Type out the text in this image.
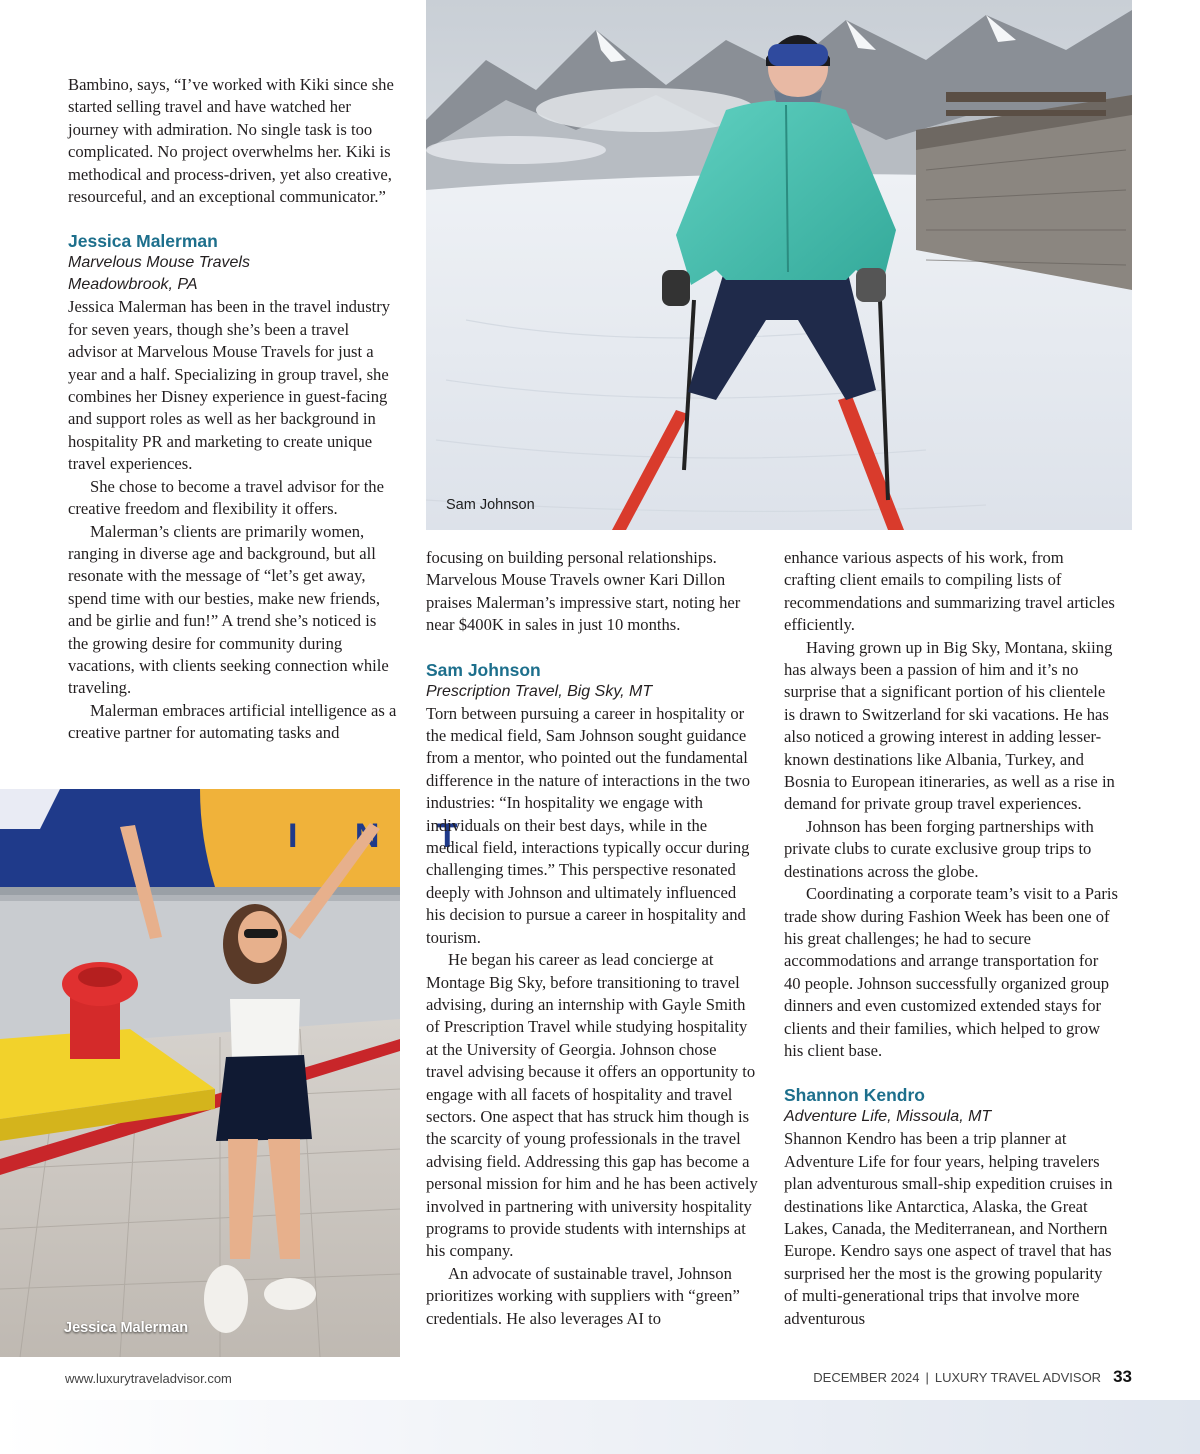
Sam Johnson
I N T
Jessica Malerman

Bambino, says, “I’ve worked with Kiki since she started selling travel and have watched her journey with admiration. No single task is too complicated. No project overwhelms her. Kiki is methodical and process-driven, yet also creative, resourceful, and an exceptional communicator.”

Jessica Malerman
Marvelous Mouse Travels
Meadowbrook, PA

Jessica Malerman has been in the travel industry for seven years, though she’s been a travel advisor at Marvelous Mouse Travels for just a year and a half. Specializing in group travel, she combines her Disney experience in guest-facing and support roles as well as her background in hospitality PR and marketing to create unique travel experiences.

She chose to become a travel advisor for the creative freedom and flexibility it offers.

Malerman’s clients are primarily women, ranging in diverse age and background, but all resonate with the message of “let’s get away, spend time with our besties, make new friends, and be girlie and fun!” A trend she’s noticed is the growing desire for community during vacations, with clients seeking connection while traveling.

Malerman embraces artificial intelligence as a creative partner for automating tasks and

focusing on building personal relationships. Marvelous Mouse Travels owner Kari Dillon praises Malerman’s impressive start, noting her near $400K in sales in just 10 months.

Sam Johnson
Prescription Travel, Big Sky, MT

Torn between pursuing a career in hospitality or the medical field, Sam Johnson sought guidance from a mentor, who pointed out the fundamental difference in the nature of interactions in the two industries: “In hospitality we engage with individuals on their best days, while in the medical field, interactions typically occur during challenging times.” This perspective resonated deeply with Johnson and ultimately influenced his decision to pursue a career in hospitality and tourism.

He began his career as lead concierge at Montage Big Sky, before transitioning to travel advising, during an internship with Gayle Smith of Prescription Travel while studying hospitality at the University of Georgia. Johnson chose travel advising because it offers an opportunity to engage with all facets of hospitality and travel sectors. One aspect that has struck him though is the scarcity of young professionals in the travel advising field. Addressing this gap has become a personal mission for him and he has been actively involved in partnering with university hospitality programs to provide students with internships at his company.

An advocate of sustainable travel, Johnson prioritizes working with suppliers with “green” credentials. He also leverages AI to

enhance various aspects of his work, from crafting client emails to compiling lists of recommendations and summarizing travel articles efficiently.

Having grown up in Big Sky, Montana, skiing has always been a passion of him and it’s no surprise that a significant portion of his clientele is drawn to Switzerland for ski vacations. He has also noticed a growing interest in adding lesser-known destinations like Albania, Turkey, and Bosnia to European itineraries, as well as a rise in demand for private group travel experiences.

Johnson has been forging partnerships with private clubs to curate exclusive group trips to destinations across the globe.

Coordinating a corporate team’s visit to a Paris trade show during Fashion Week has been one of his great challenges; he had to secure accommodations and arrange transportation for 40 people. Johnson successfully organized group dinners and even customized extended stays for clients and their families, which helped to grow his client base.

Shannon Kendro
Adventure Life, Missoula, MT

Shannon Kendro has been a trip planner at Adventure Life for four years, helping travelers plan adventurous small-ship expedition cruises in destinations like Antarctica, Alaska, the Great Lakes, Canada, the Mediterranean, and Northern Europe. Kendro says one aspect of travel that has surprised her the most is the growing popularity of multi-generational trips that involve more adventurous

www.luxurytraveladvisor.com	DECEMBER 2024 | LUXURY TRAVEL ADVISOR 33
